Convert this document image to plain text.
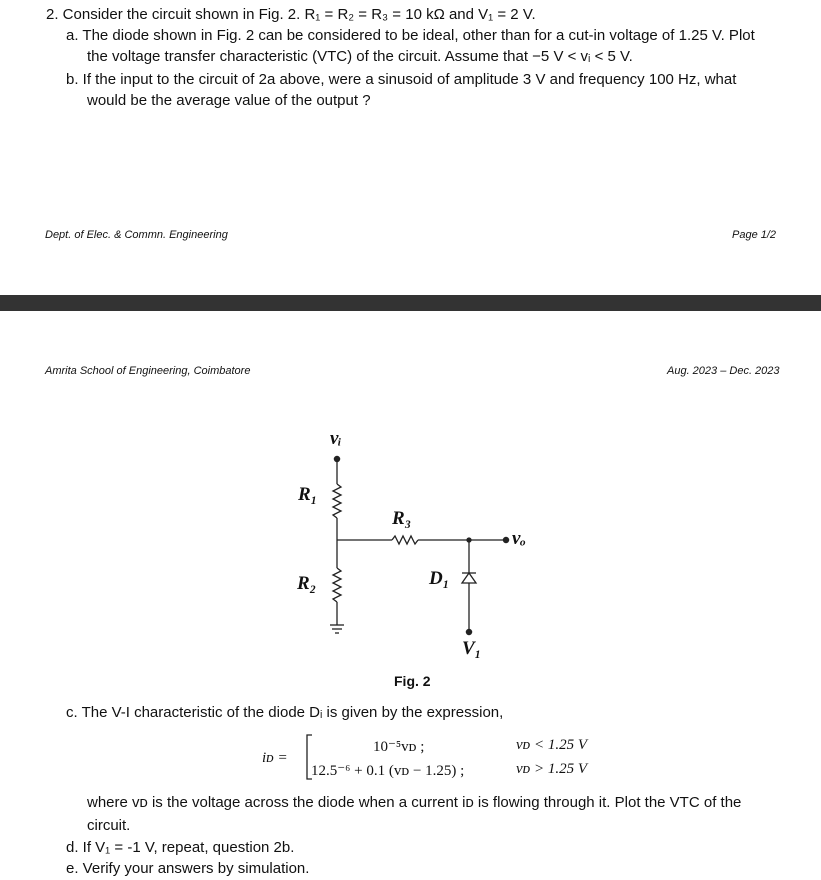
2. Consider the circuit shown in Fig. 2. R₁ = R₂ = R₃ = 10 kΩ and V₁ = 2 V.
a. The diode shown in Fig. 2 can be considered to be ideal, other than for a cut-in voltage of 1.25 V. Plot
the voltage transfer characteristic (VTC) of the circuit. Assume that −5 V < vᵢ < 5 V.
b. If the input to the circuit of 2a above, were a sinusoid of amplitude 3 V and frequency 100 Hz, what
would be the average value of the output ?
Dept. of Elec. & Commn. Engineering	Page 1/2
Amrita School of Engineering, Coimbatore	Aug. 2023 – Dec. 2023
vᵢ
R₁
R₃
vₒ
R₂	D₁
V₁
Fig. 2
c. The V-I characteristic of the diode Dᵢ is given by the expression,
iᴅ =
10⁻⁵vᴅ ;	vᴅ < 1.25 V
12.5⁻⁶ + 0.1 (vᴅ − 1.25) ;	vᴅ > 1.25 V
where vᴅ is the voltage across the diode when a current iᴅ is flowing through it. Plot the VTC of the
circuit.
d. If V₁ = -1 V, repeat, question 2b.
e. Verify your answers by simulation.
